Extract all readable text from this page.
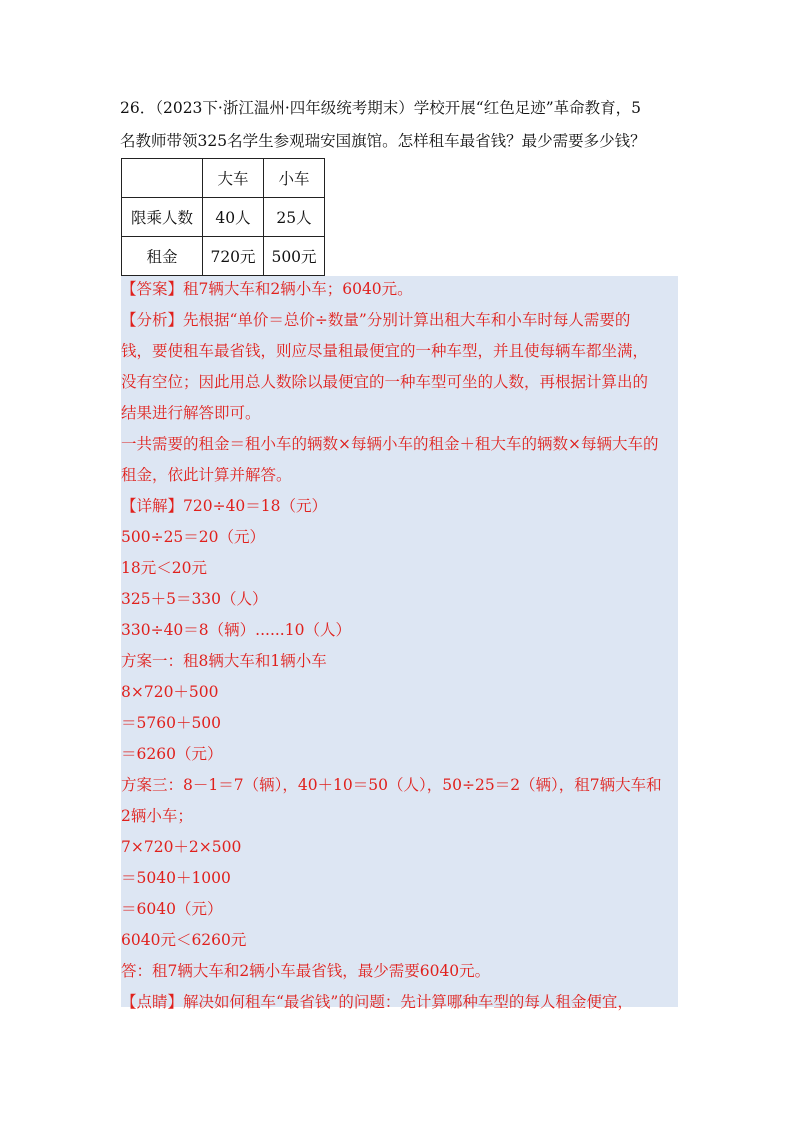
26．（2023下·浙江温州·四年级统考期末）学校开展“红色足迹”革命教育，5
名教师带领325名学生参观瑞安国旗馆。怎样租车最省钱？最少需要多少钱？
	大车	小车
限乘人数	40人	25人
租金	720元	500元
【答案】租7辆大车和2辆小车；6040元。
【分析】先根据“单价＝总价÷数量”分别计算出租大车和小车时每人需要的
钱，要使租车最省钱，则应尽量租最便宜的一种车型，并且使每辆车都坐满，
没有空位；因此用总人数除以最便宜的一种车型可坐的人数，再根据计算出的
结果进行解答即可。
一共需要的租金＝租小车的辆数×每辆小车的租金＋租大车的辆数×每辆大车的
租金，依此计算并解答。
【详解】720÷40＝18（元）
500÷25＝20（元）
18元＜20元
325＋5＝330（人）
330÷40＝8（辆）......10（人）
方案一：租8辆大车和1辆小车
8×720＋500
＝5760＋500
＝6260（元）
方案三：8－1＝7（辆），40＋10＝50（人），50÷25＝2（辆），租7辆大车和
2辆小车；
7×720＋2×500
＝5040＋1000
＝6040（元）
6040元＜6260元
答：租7辆大车和2辆小车最省钱，最少需要6040元。
【点睛】解决如何租车“最省钱”的问题：先计算哪种车型的每人租金便宜，
